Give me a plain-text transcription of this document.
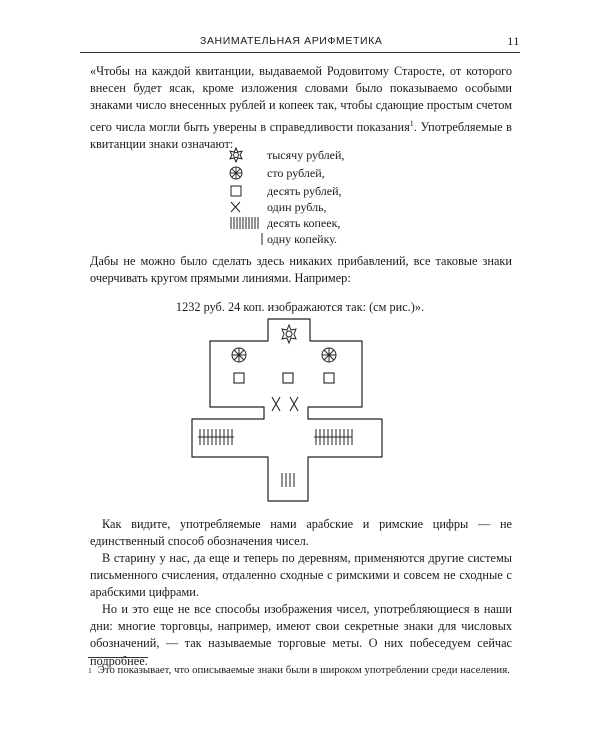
ЗАНИМАТЕЛЬНАЯ АРИФМЕТИКА	11
«Чтобы на каждой квитанции, выдаваемой Родовитому Старосте, от которого внесен будет ясак, кроме изложения словами было показываемо особыми знаками число внесенных рублей и копеек так, чтобы сдающие простым счетом сего числа могли быть уверены в справедливости показания$^1$. Употребляемые в квитанции знаки означают:
тысячу рублей,
сто рублей,
десять рублей,
один рубль,
десять копеек,
одну копейку.
Дабы не можно было сделать здесь никаких прибавлений, все таковые знаки очерчивать кругом прямыми линиями. Например:
1232 руб. 24 коп. изображаются так: (см рис.)».
Как видите, употребляемые нами арабские и римские цифры — не единственный способ обозначения чисел.
В старину у нас, да еще и теперь по деревням, применяются другие системы письменного счисления, отдаленно сходные с римскими и совсем не сходные с арабскими цифрами.
Но и это еще не все способы изображения чисел, употребляющиеся в наши дни: многие торговцы, например, имеют свои секретные знаки для числовых обозначений, — так называемые торговые меты. О них побеседуем сейчас подробнее.
$^1$ Это показывает, что описываемые знаки были в широком употреблении среди населения.
